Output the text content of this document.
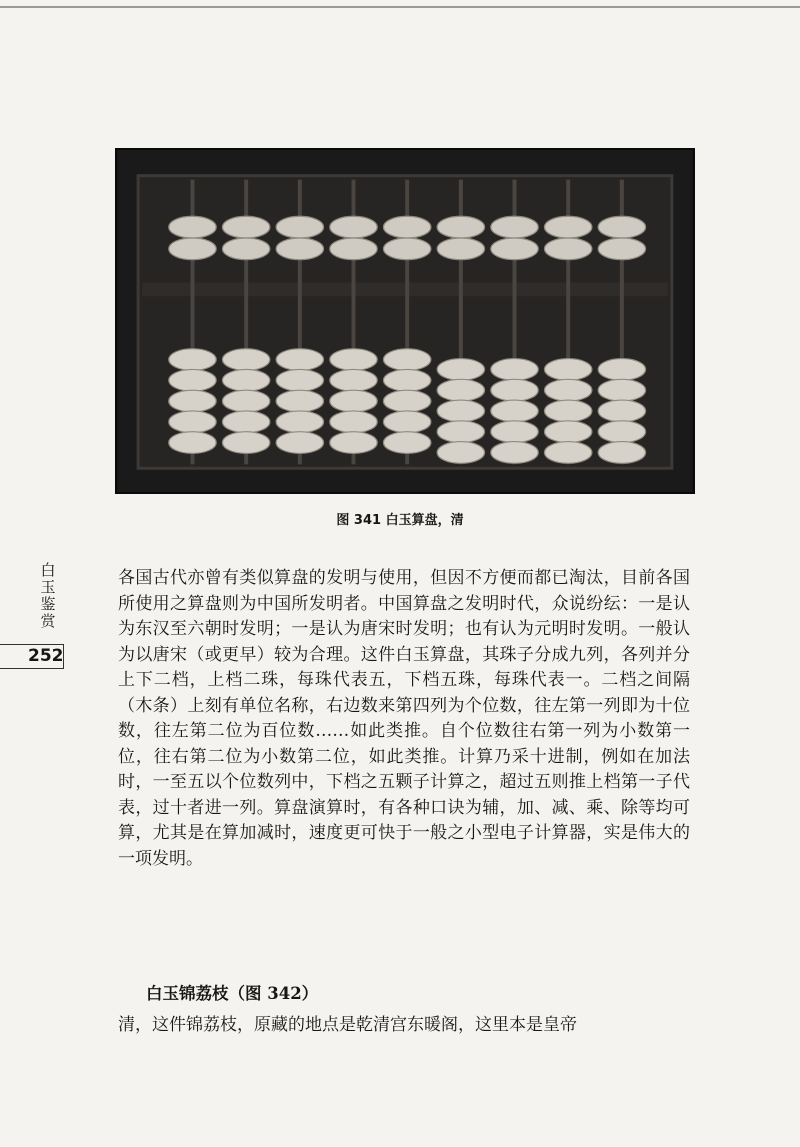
图 341 白玉算盘，清
白
玉
鉴
赏
252

各国古代亦曾有类似算盘的发明与使用，但因不方便而都已淘汰，目前各国所使用之算盘则为中国所发明者。中国算盘之发明时代，众说纷纭：一是认为东汉至六朝时发明；一是认为唐宋时发明；也有认为元明时发明。一般认为以唐宋（或更早）较为合理。这件白玉算盘，其珠子分成九列，各列并分上下二档，上档二珠，每珠代表五，下档五珠，每珠代表一。二档之间隔（木条）上刻有单位名称，右边数来第四列为个位数，往左第一列即为十位数，往左第二位为百位数……如此类推。自个位数往右第一列为小数第一位，往右第二位为小数第二位，如此类推。计算乃采十进制，例如在加法时，一至五以个位数列中，下档之五颗子计算之，超过五则推上档第一子代表，过十者进一列。算盘演算时，有各种口诀为辅，加、减、乘、除等均可算，尤其是在算加减时，速度更可快于一般之小型电子计算器，实是伟大的一项发明。

白玉锦荔枝（图 342）

清，这件锦荔枝，原藏的地点是乾清宫东暖阁，这里本是皇帝
